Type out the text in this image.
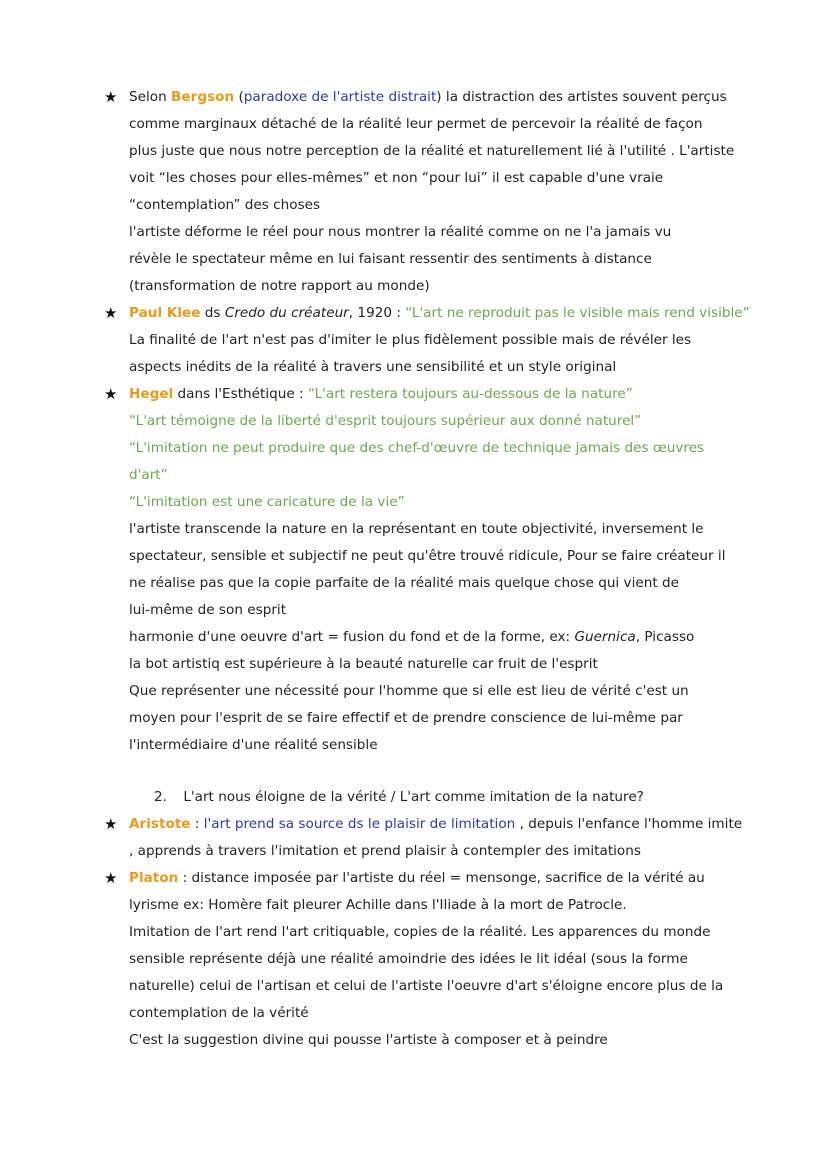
★ Selon Bergson (paradoxe de l'artiste distrait) la distraction des artistes souvent perçus
comme marginaux détaché de la réalité leur permet de percevoir la réalité de façon
plus juste que nous notre perception de la réalité et naturellement lié à l'utilité . L'artiste
voit “les choses pour elles-mêmes” et non “pour lui” il est capable d'une vraie
“contemplation” des choses
l'artiste déforme le réel pour nous montrer la réalité comme on ne l'a jamais vu
révèle le spectateur même en lui faisant ressentir des sentiments à distance
(transformation de notre rapport au monde)
★ Paul Klee ds Credo du créateur, 1920 : “L'art ne reproduit pas le visible mais rend visible”
La finalité de l'art n'est pas d'imiter le plus fidèlement possible mais de révéler les
aspects inédits de la réalité à travers une sensibilité et un style original
★ Hegel dans l'Esthétique : “L'art restera toujours au-dessous de la nature”
“L'art témoigne de la liberté d'esprit toujours supérieur aux donné naturel”
“L'imitation ne peut produire que des chef-d'œuvre de technique jamais des œuvres
d'art”
“L'imitation est une caricature de la vie”
l'artiste transcende la nature en la représentant en toute objectivité, inversement le
spectateur, sensible et subjectif ne peut qu'être trouvé ridicule, Pour se faire créateur il
ne réalise pas que la copie parfaite de la réalité mais quelque chose qui vient de
lui-même de son esprit
harmonie d'une oeuvre d'art = fusion du fond et de la forme, ex: Guernica, Picasso
la bot artistiq est supérieure à la beauté naturelle car fruit de l'esprit
Que représenter une nécessité pour l'homme que si elle est lieu de vérité c'est un
moyen pour l'esprit de se faire effectif et de prendre conscience de lui-même par
l'intermédiaire d'une réalité sensible
2. L'art nous éloigne de la vérité / L'art comme imitation de la nature?
★ Aristote : l'art prend sa source ds le plaisir de limitation , depuis l'enfance l'homme imite
, apprends à travers l'imitation et prend plaisir à contempler des imitations
★ Platon : distance imposée par l'artiste du réel = mensonge, sacrifice de la vérité au
lyrisme ex: Homère fait pleurer Achille dans l'Iliade à la mort de Patrocle.
Imitation de l'art rend l'art critiquable, copies de la réalité. Les apparences du monde
sensible représente déjà une réalité amoindrie des idées le lit idéal (sous la forme
naturelle) celui de l'artisan et celui de l'artiste l'oeuvre d'art s'éloigne encore plus de la
contemplation de la vérité
C'est la suggestion divine qui pousse l'artiste à composer et à peindre
